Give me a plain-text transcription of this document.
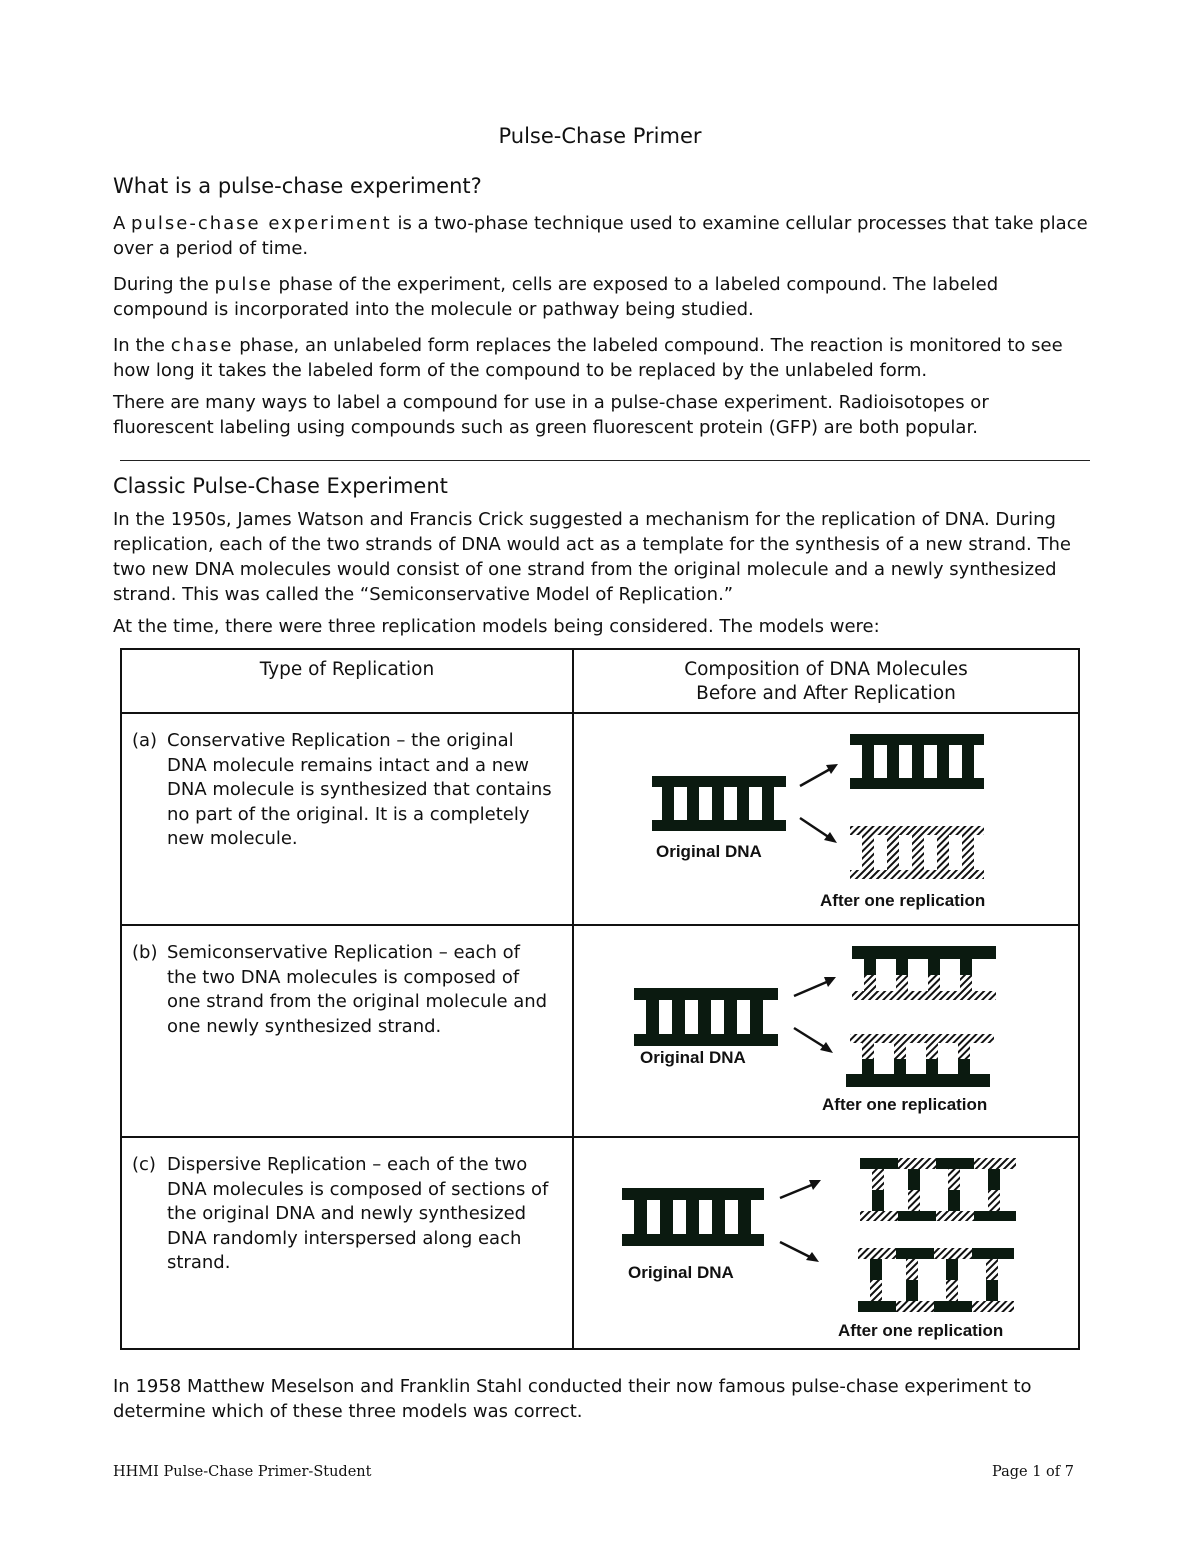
Pulse-Chase Primer
What is a pulse-chase experiment?

A pulse-chase experiment is a two-phase technique used to examine cellular processes that take place over a period of time.

During the pulse phase of the experiment, cells are exposed to a labeled compound. The labeled compound is incorporated into the molecule or pathway being studied.

In the chase phase, an unlabeled form replaces the labeled compound. The reaction is monitored to see how long it takes the labeled form of the compound to be replaced by the unlabeled form.

There are many ways to label a compound for use in a pulse-chase experiment. Radioisotopes or fluorescent labeling using compounds such as green fluorescent protein (GFP) are both popular.

Classic Pulse-Chase Experiment

In the 1950s, James Watson and Francis Crick suggested a mechanism for the replication of DNA. During replication, each of the two strands of DNA would act as a template for the synthesis of a new strand. The two new DNA molecules would consist of one strand from the original molecule and a newly synthesized strand. This was called the “Semiconservative Model of Replication.”

At the time, there were three replication models being considered. The models were:

Type of Replication	Composition of DNA Molecules
Before and After Replication

(a) Conservative Replication – the original DNA molecule remains intact and a new DNA molecule is synthesized that contains no part of the original. It is a completely new molecule.	Original DNA
After one replication

(b) Semiconservative Replication – each of the two DNA molecules is composed of one strand from the original molecule and one newly synthesized strand.	Original DNA
After one replication

(c) Dispersive Replication – each of the two DNA molecules is composed of sections of the original DNA and newly synthesized DNA randomly interspersed along each strand.	Original DNA
After one replication

In 1958 Matthew Meselson and Franklin Stahl conducted their now famous pulse-chase experiment to determine which of these three models was correct.

HHMI Pulse-Chase Primer-Student	Page 1 of 7
